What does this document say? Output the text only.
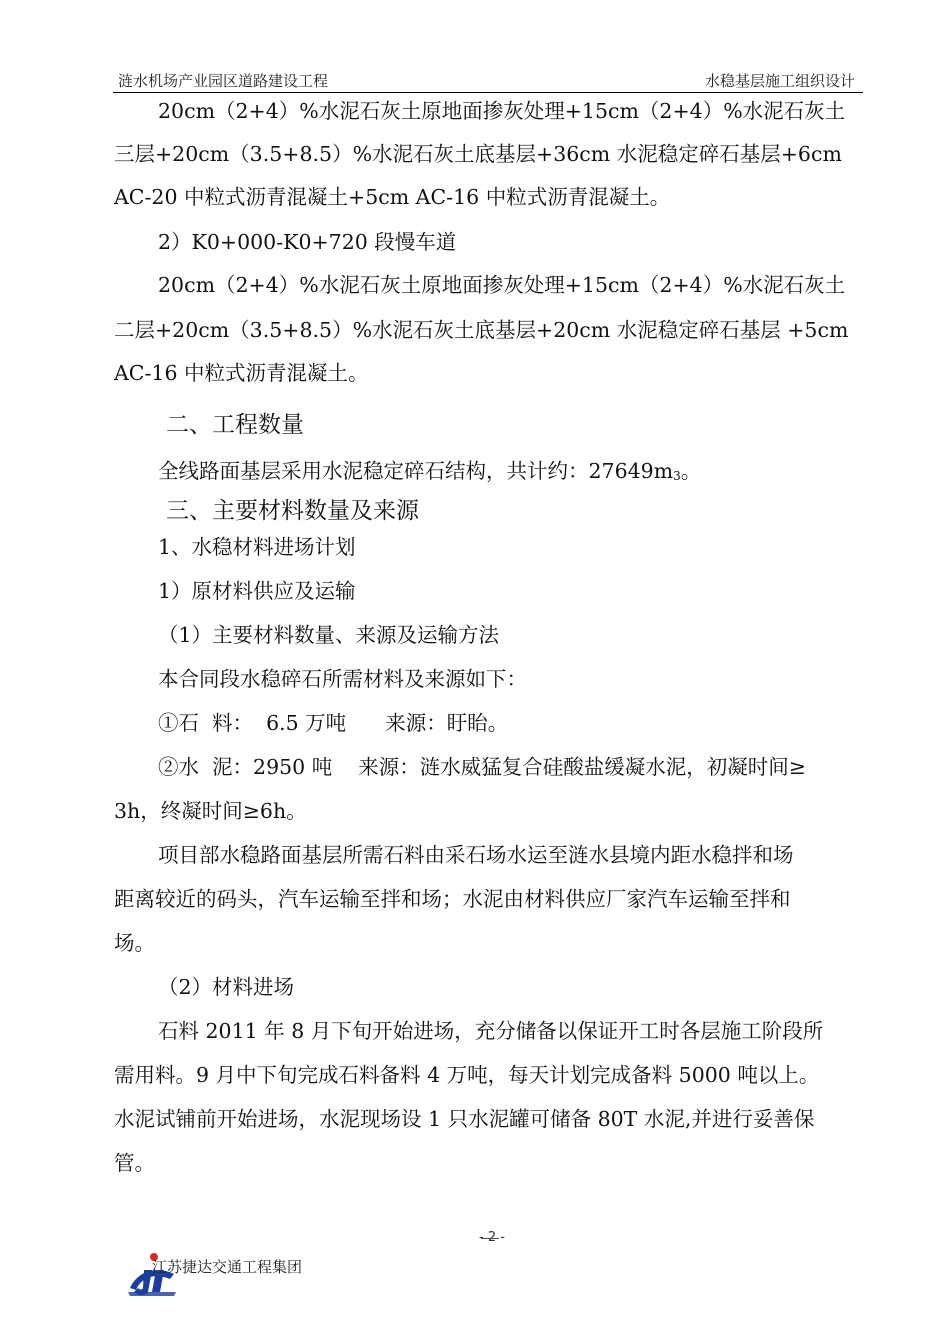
涟水机场产业园区道路建设工程	水稳基层施工组织设计
20cm（2+4）%水泥石灰土原地面掺灰处理+15cm（2+4）%水泥石灰土
三层+20cm（3.5+8.5）%水泥石灰土底基层+36cm 水泥稳定碎石基层+6cm
AC-20 中粒式沥青混凝土+5cm AC-16 中粒式沥青混凝土。
2）K0+000-K0+720 段慢车道
20cm（2+4）%水泥石灰土原地面掺灰处理+15cm（2+4）%水泥石灰土
二层+20cm（3.5+8.5）%水泥石灰土底基层+20cm 水泥稳定碎石基层 +5cm
AC-16 中粒式沥青混凝土。
二、工程数量
全线路面基层采用水泥稳定碎石结构，共计约：$27649m^3$。
三、主要材料数量及来源
1、水稳材料进场计划
1）原材料供应及运输
（1）主要材料数量、来源及运输方法
本合同段水稳碎石所需材料及来源如下：
①石  料：  6.5 万吨      来源：盱眙。
②水  泥：2950 吨    来源：涟水威猛复合硅酸盐缓凝水泥，初凝时间≥
3h，终凝时间≥6h。
项目部水稳路面基层所需石料由采石场水运至涟水县境内距水稳拌和场
距离较近的码头，汽车运输至拌和场；水泥由材料供应厂家汽车运输至拌和
场。
（2）材料进场
石料 2011 年 8 月下旬开始进场，充分储备以保证开工时各层施工阶段所
需用料。9 月中下旬完成石料备料 4 万吨，每天计划完成备料 5000 吨以上。
水泥试铺前开始进场，水泥现场设 1 只水泥罐可储备 80T 水泥,并进行妥善保
管。
- 2 -
江苏捷达交通工程集团
